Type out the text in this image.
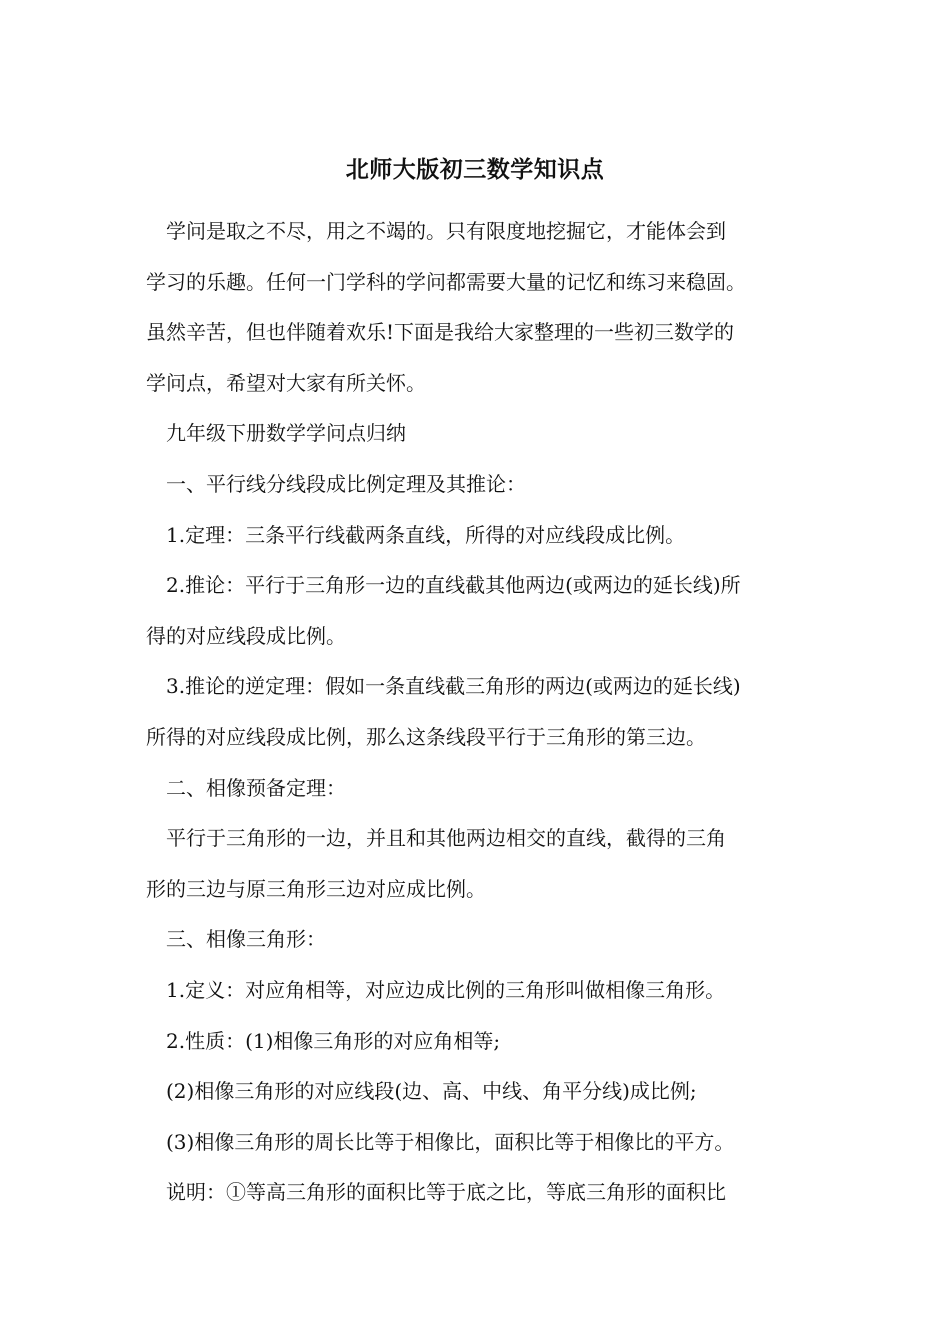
北师大版初三数学知识点

学问是取之不尽，用之不竭的。只有限度地挖掘它，才能体会到

学习的乐趣。任何一门学科的学问都需要大量的记忆和练习来稳固。

虽然辛苦，但也伴随着欢乐!下面是我给大家整理的一些初三数学的

学问点，希望对大家有所关怀。

九年级下册数学学问点归纳

一、平行线分线段成比例定理及其推论：

1.定理：三条平行线截两条直线，所得的对应线段成比例。

2.推论：平行于三角形一边的直线截其他两边(或两边的延长线)所

得的对应线段成比例。

3.推论的逆定理：假如一条直线截三角形的两边(或两边的延长线)

所得的对应线段成比例，那么这条线段平行于三角形的第三边。

二、相像预备定理：

平行于三角形的一边，并且和其他两边相交的直线，截得的三角

形的三边与原三角形三边对应成比例。

三、相像三角形：

1.定义：对应角相等，对应边成比例的三角形叫做相像三角形。

2.性质：(1)相像三角形的对应角相等;

(2)相像三角形的对应线段(边、高、中线、角平分线)成比例;

(3)相像三角形的周长比等于相像比，面积比等于相像比的平方。

说明：①等高三角形的面积比等于底之比，等底三角形的面积比
